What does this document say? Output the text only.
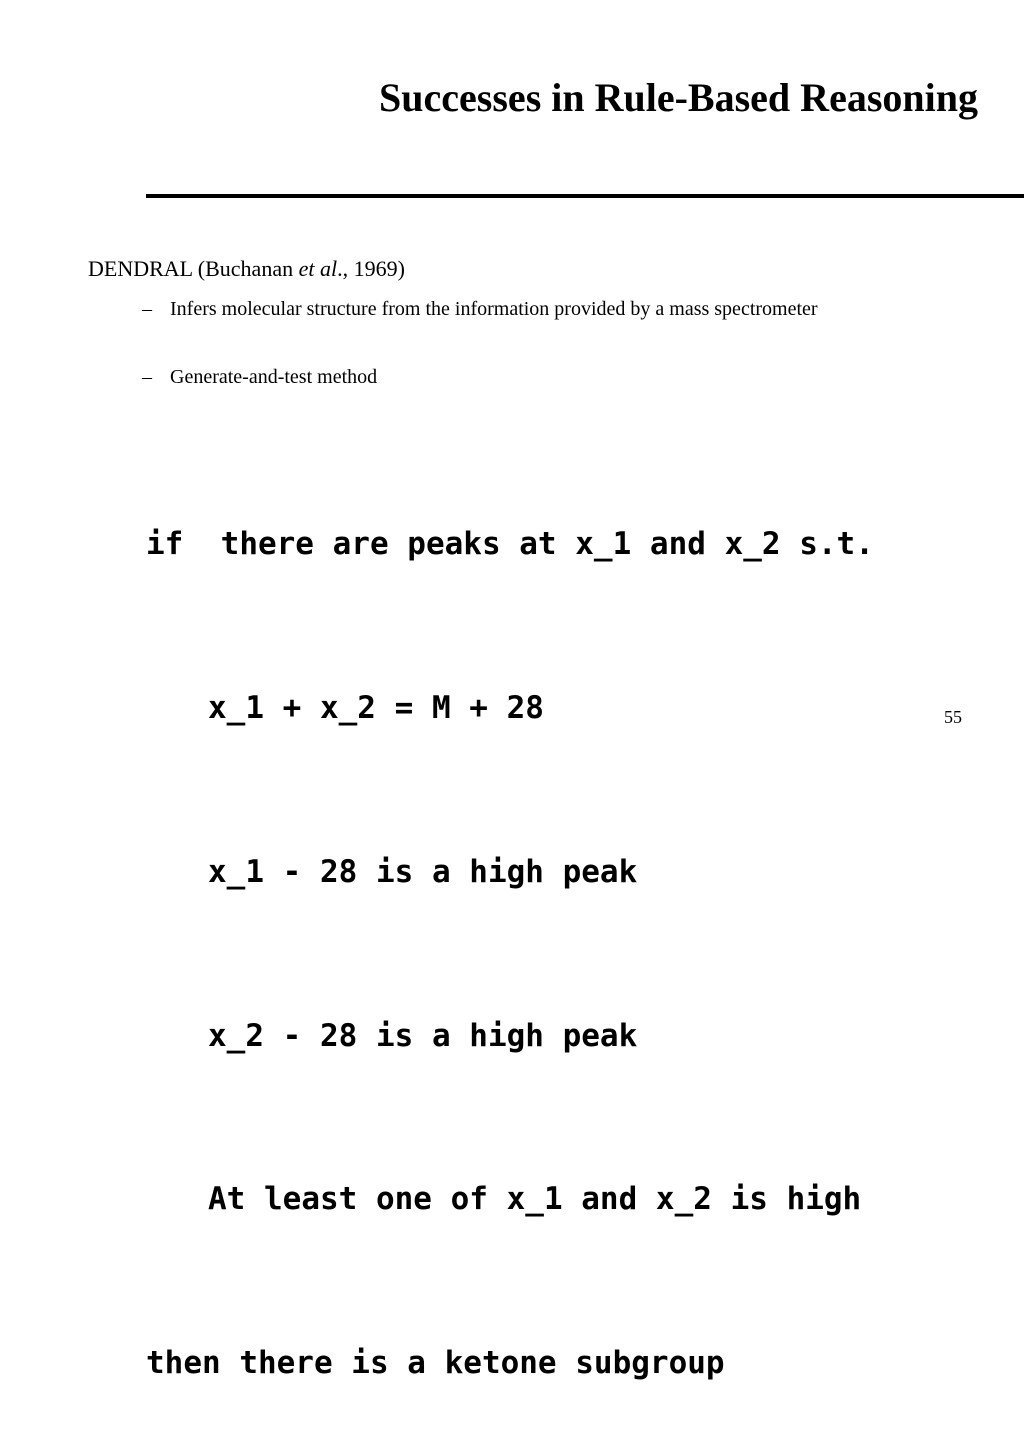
Successes in Rule-Based Reasoning
DENDRAL (Buchanan et al., 1969)
– Infers molecular structure from the information provided by a mass spectrometer
– Generate-and-test method

if  there are peaks at x_1 and x_2 s.t.

x_1 + x_2 = M + 28

x_1 - 28 is a high peak

x_2 - 28 is a high peak

At least one of x_1 and x_2 is high

then there is a ketone subgroup

55
